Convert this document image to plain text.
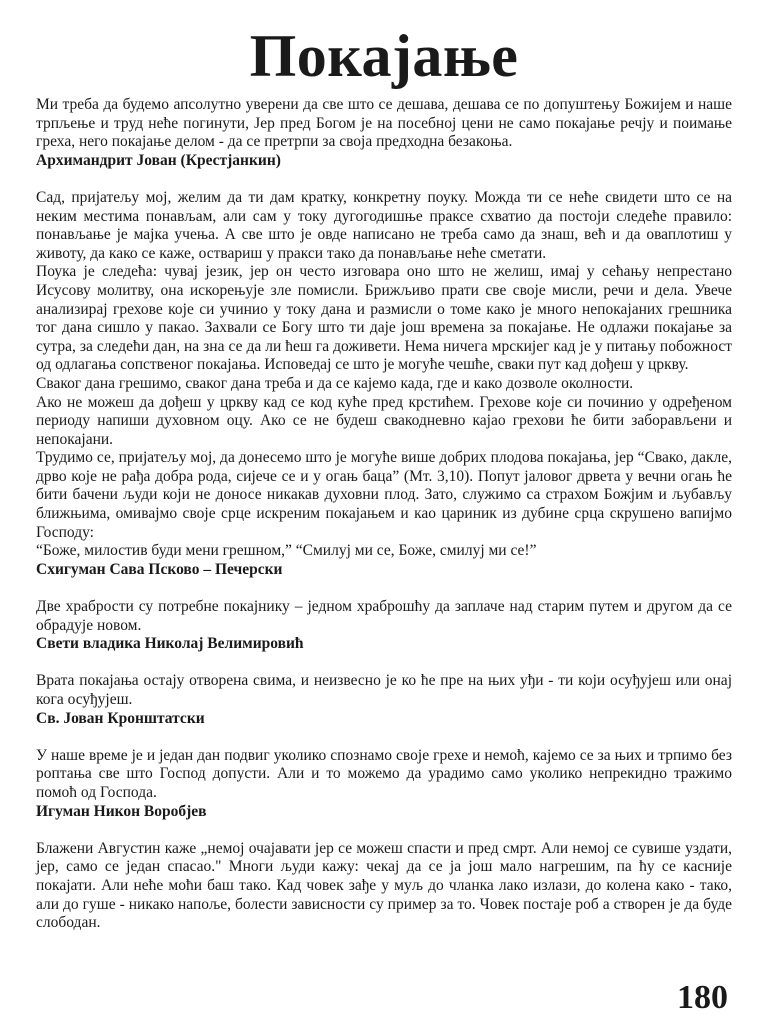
Покајање

Ми треба да будемо апсолутно уверени да све што се дешава, дешава се по допуштењу Божијем и наше трпљење и труд неће погинути, Јер пред Богом је на посебној цени не само покајање речју и поимање греха, него покајање делом - да се претрпи за своја предходна безакоња.

Архимандрит Јован (Крестјанкин)

Сад, пријатељу мој, желим да ти дам кратку, конкретну поуку. Можда ти се неће свидети што се на неким местима понављам, али сам у току дугогодишње праксе схватио да постоји следеће правило: понављање је мајка учења. А све што је овде написано не треба само да знаш, већ и да оваплотиш у животу, да како се каже, оствариш у пракси тако да понављање неће сметати.

Поука је следећа: чувај језик, јер он често изговара оно што не желиш, имај у сећању непрестано Исусову молитву, она искорењује зле помисли. Брижљиво прати све своје мисли, речи и дела. Увече анализирај грехове које си учинио у току дана и размисли о томе како је много непокајаних грешника тог дана сишло у пакао. Захвали се Богу што ти даје још времена за покајање. Не одлажи покајање за сутра, за следећи дан, на зна се да ли ћеш га доживети. Нема ничега мрскијег кад је у питању побожност од одлагања сопственог покајања. Исповедај се што је могуће чешће, сваки пут кад дођеш у цркву.

Сваког дана грешимо, сваког дана треба и да се кајемо када, где и како дозволе околности.

Ако не можеш да дођеш у цркву кад се код куће пред крстићем. Грехове које си починио у одређеном периоду напиши духовном оцу. Ако се не будеш свакодневно кајао грехови ће бити заборављени и непокајани.

Трудимо се, пријатељу мој, да донесемо што је могуће више добрих плодова покајања, јер “Свако, дакле, дрво које не рађа добра рода, сијече се и у огањ баца” (Мт. 3,10). Попут јаловог дрвета у вечни огањ ће бити бачени људи који не доносе никакав духовни плод. Зато, служимо са страхом Божјим и љубављу ближњима, омивајмо своје срце искреним покајањем и као цариник из дубине срца скрушено вапијмо Господу:

“Боже, милостив буди мени грешном,” “Смилуј ми се, Боже, смилуј ми се!”

Схигуман Сава Псково – Печерски

Две храбрости су потребне покајнику – једном храброшћу да заплаче над старим путем и другом да се обрадује новом.

Свети владика Николај Велимировић

Врата покајања остају отворена свима, и неизвесно је ко ће пре на њих уђи - ти који осуђујеш или онај кога осуђујеш.

Св. Јован Кронштатски

У наше време је и један дан подвиг уколико спознамо своје грехе и немоћ, кајемо се за њих и трпимо без роптања све што Господ допусти. Али и то можемо да урадимо само уколико непрекидно тражимо помоћ од Господа.

Игуман Никон Воробјев

Блажени Августин каже „немој очајавати јер се можеш спасти и пред смрт. Али немој се сувише уздати, јер, само се један спасао." Многи људи кажу: чекај да се ја још мало нагрешим, па ћу се касније покајати. Али неће моћи баш тако. Кад човек зађе у муљ до чланка лако излази, до колена како - тако, али до гуше - никако напоље, болести зависности су пример за то. Човек постаје роб а створен је да буде слободан.

180
